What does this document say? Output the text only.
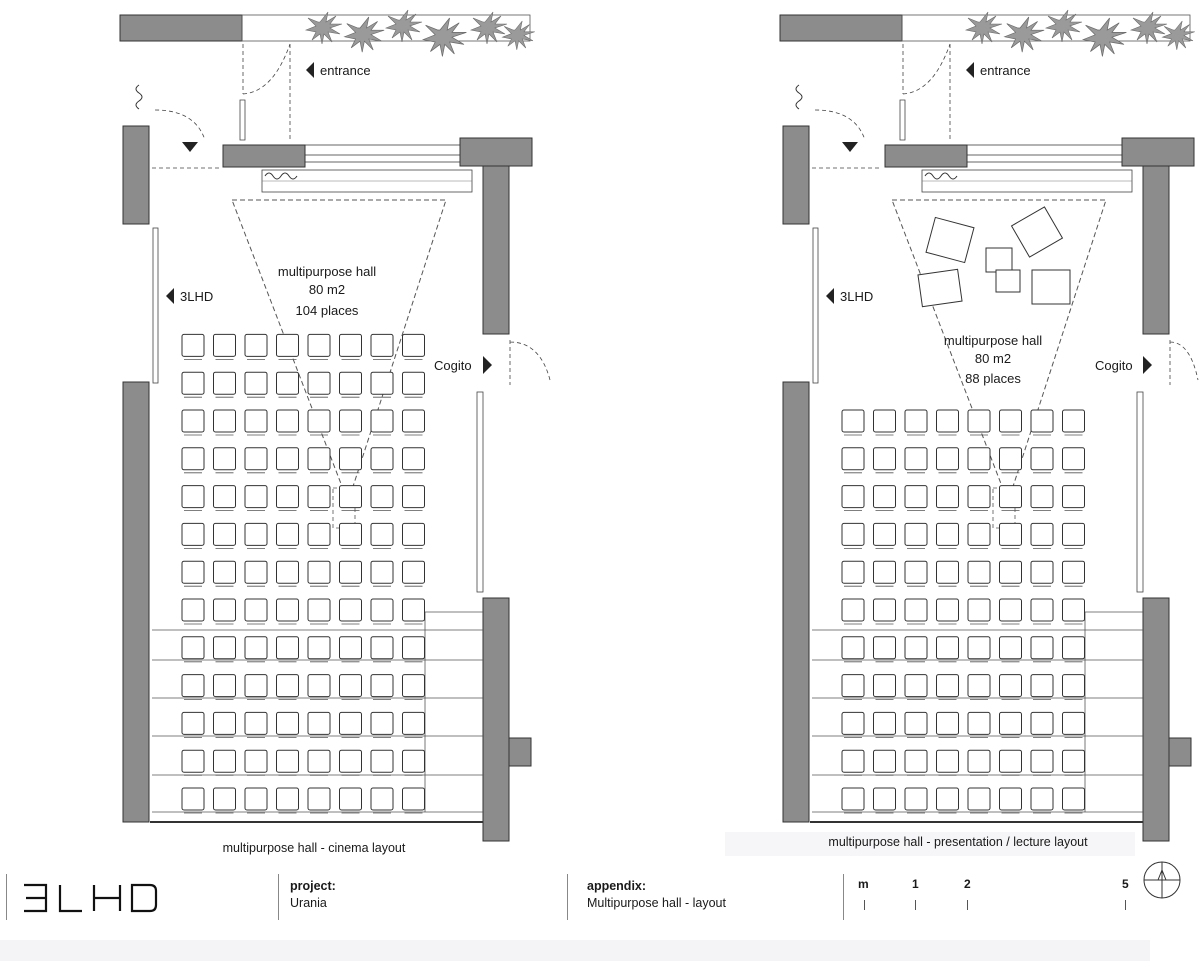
entrance
3LHD
Cogito
multipurpose hall
80 m2
104 places
multipurpose hall - cinema layout
entrance
3LHD
Cogito
multipurpose hall
80 m2
88 places
multipurpose hall - presentation / lecture layout
project:
Urania
appendix:
Multipurpose hall - layout
m	1	2	5
